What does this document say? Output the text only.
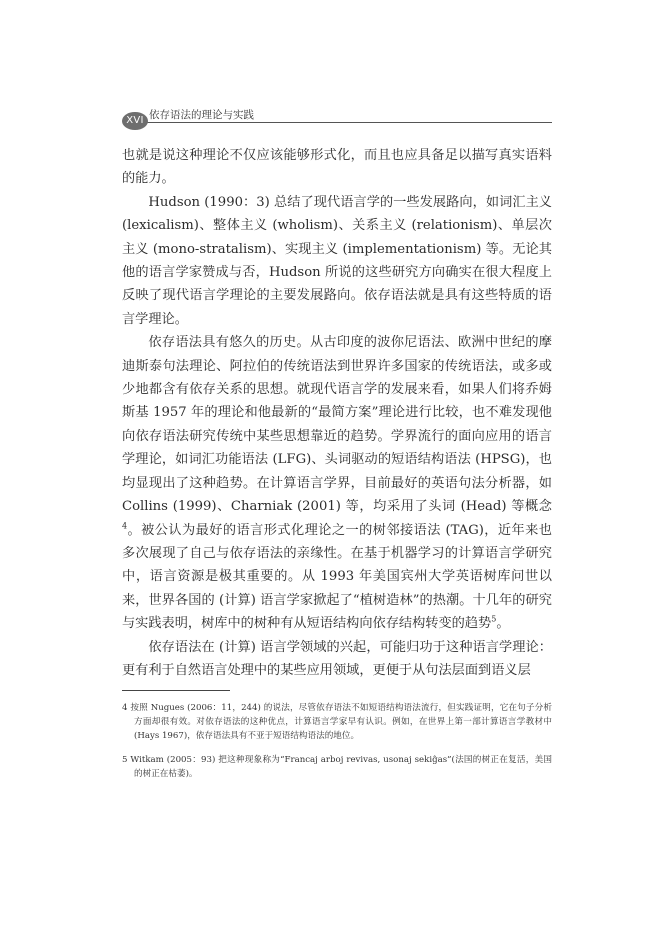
XVI 依存语法的理论与实践

也就是说这种理论不仅应该能够形式化，而且也应具备足以描写真实语料的能力。

Hudson (1990：3) 总结了现代语言学的一些发展路向，如词汇主义 (lexicalism)、整体主义 (wholism)、关系主义 (relationism)、单层次主义 (mono-stratalism)、实现主义 (implementationism) 等。无论其他的语言学家赞成与否，Hudson 所说的这些研究方向确实在很大程度上反映了现代语言学理论的主要发展路向。依存语法就是具有这些特质的语言学理论。

依存语法具有悠久的历史。从古印度的波你尼语法、欧洲中世纪的摩迪斯泰句法理论、阿拉伯的传统语法到世界许多国家的传统语法，或多或少地都含有依存关系的思想。就现代语言学的发展来看，如果人们将乔姆斯基 1957 年的理论和他最新的“最简方案”理论进行比较，也不难发现他向依存语法研究传统中某些思想靠近的趋势。学界流行的面向应用的语言学理论，如词汇功能语法 (LFG)、头词驱动的短语结构语法 (HPSG)，也均显现出了这种趋势。在计算语言学界，目前最好的英语句法分析器，如 Collins (1999)、Charniak (2001) 等，均采用了头词 (Head) 等概念$^4$。被公认为最好的语言形式化理论之一的树邻接语法 (TAG)，近年来也多次展现了自己与依存语法的亲缘性。在基于机器学习的计算语言学研究中，语言资源是极其重要的。从 1993 年美国宾州大学英语树库问世以来，世界各国的 (计算) 语言学家掀起了“植树造林”的热潮。十几年的研究与实践表明，树库中的树种有从短语结构向依存结构转变的趋势$^5$。

依存语法在 (计算) 语言学领域的兴起，可能归功于这种语言学理论：更有利于自然语言处理中的某些应用领域，更便于从句法层面到语义层

4 按照 Nugues (2006：11，244) 的说法，尽管依存语法不如短语结构语法流行，但实践证明，它在句子分析方面却很有效。对依存语法的这种优点，计算语言学家早有认识。例如，在世界上第一部计算语言学教材中 (Hays 1967)，依存语法具有不亚于短语结构语法的地位。

5 Witkam (2005：93) 把这种现象称为“Francaj arboj revivas, usonaj sekiĝas”(法国的树正在复活，美国的树正在枯萎)。
